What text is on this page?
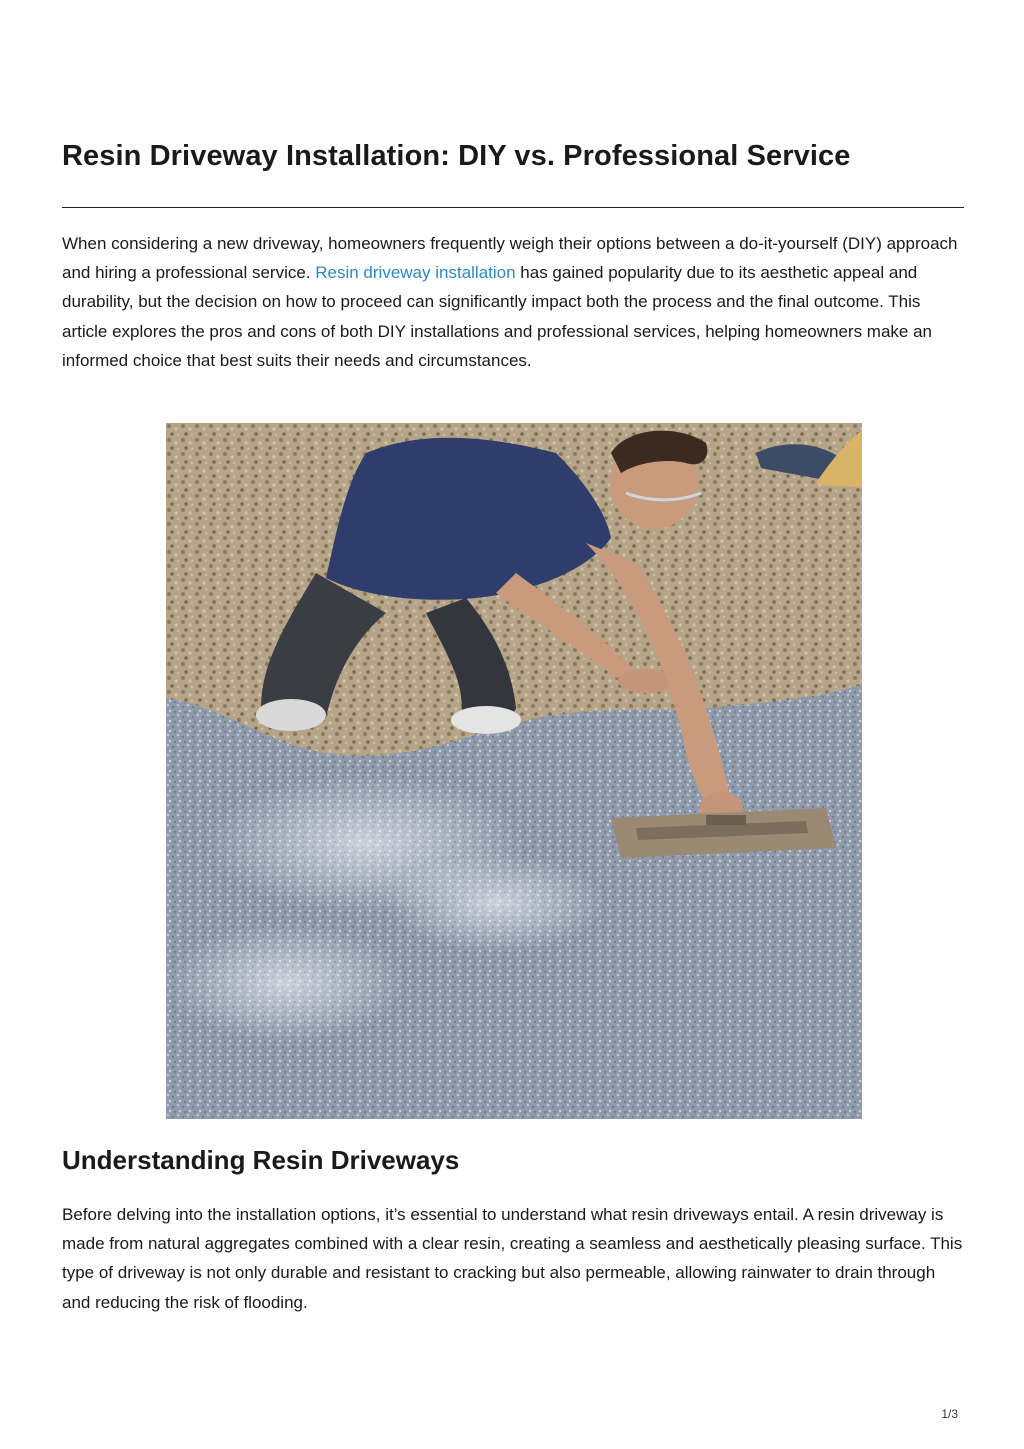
Resin Driveway Installation: DIY vs. Professional Service

When considering a new driveway, homeowners frequently weigh their options between a do-it-yourself (DIY) approach and hiring a professional service. Resin driveway installation has gained popularity due to its aesthetic appeal and durability, but the decision on how to proceed can significantly impact both the process and the final outcome. This article explores the pros and cons of both DIY installations and professional services, helping homeowners make an informed choice that best suits their needs and circumstances.

Understanding Resin Driveways

Before delving into the installation options, it’s essential to understand what resin driveways entail. A resin driveway is made from natural aggregates combined with a clear resin, creating a seamless and aesthetically pleasing surface. This type of driveway is not only durable and resistant to cracking but also permeable, allowing rainwater to drain through and reducing the risk of flooding.

1/3
